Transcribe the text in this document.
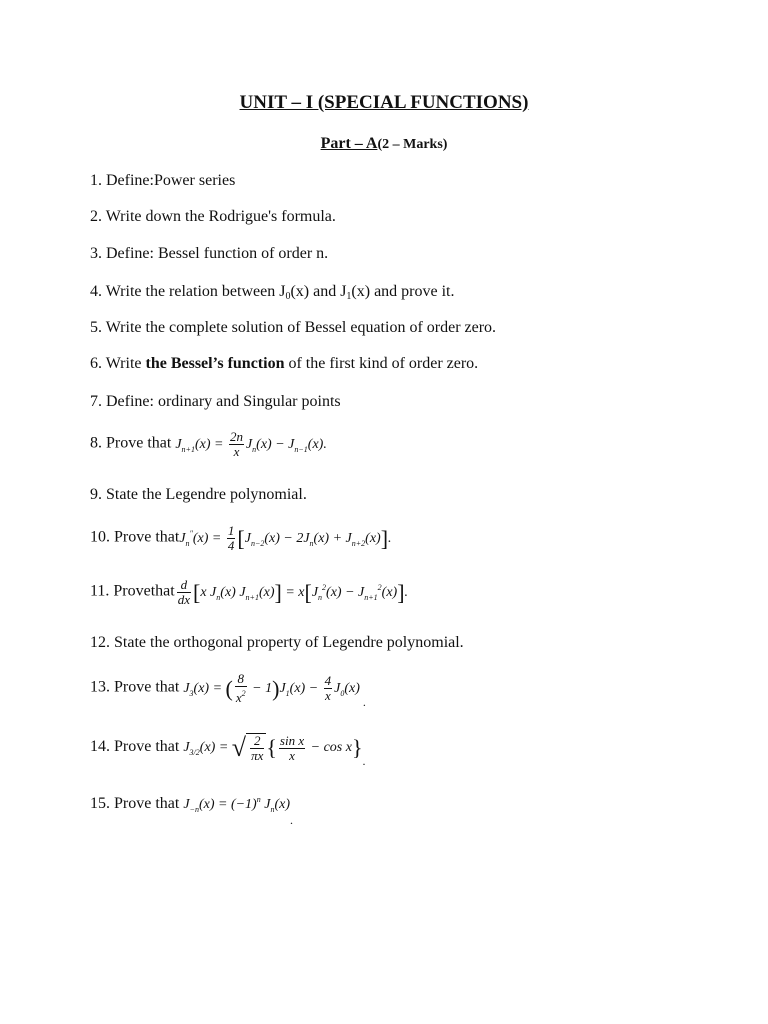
UNIT – I (SPECIAL FUNCTIONS)
Part – A(2 – Marks)
1. Define:Power series
2. Write down the Rodrigue's formula.
3. Define: Bessel function of order n.
4. Write the relation between J0(x) and J1(x) and prove it.
5. Write the complete solution of Bessel equation of order zero.
6. Write the Bessel’s function of the first kind of order zero.
7. Define: ordinary and Singular points
8. Prove that $J_{n+1}(x) = \frac{2n}{x} J_n(x) - J_{n-1}(x)$.
9. State the Legendre polynomial.
10. Prove thatJ$_n$″(x) = $\frac{1}{4} [J_{n-2}(x) - 2J_n(x) + J_{n+2}(x)]$.
11. Provethat $\frac{d}{dx} [x$ $J_n(x) J_{n+1}(x)] = x[J_n^2(x) - J_{n+1}^2(x)]$.
12. State the orthogonal property of Legendre polynomial.
13. Prove that $J_3(x)$ = ( $\frac{8}{x^2} - 1)J_1(x) - \frac{4}{x} J_0(x)$ $_.$
14. Prove that $J_{3/2}(x)$ = √ $\frac{2}{\pi x}$ { $\frac{\text{sin x}}{x} - \cos x\}_.$
15. Prove that $J_{-n}(x) = (-1)^n$ $J_n(x)_.$
